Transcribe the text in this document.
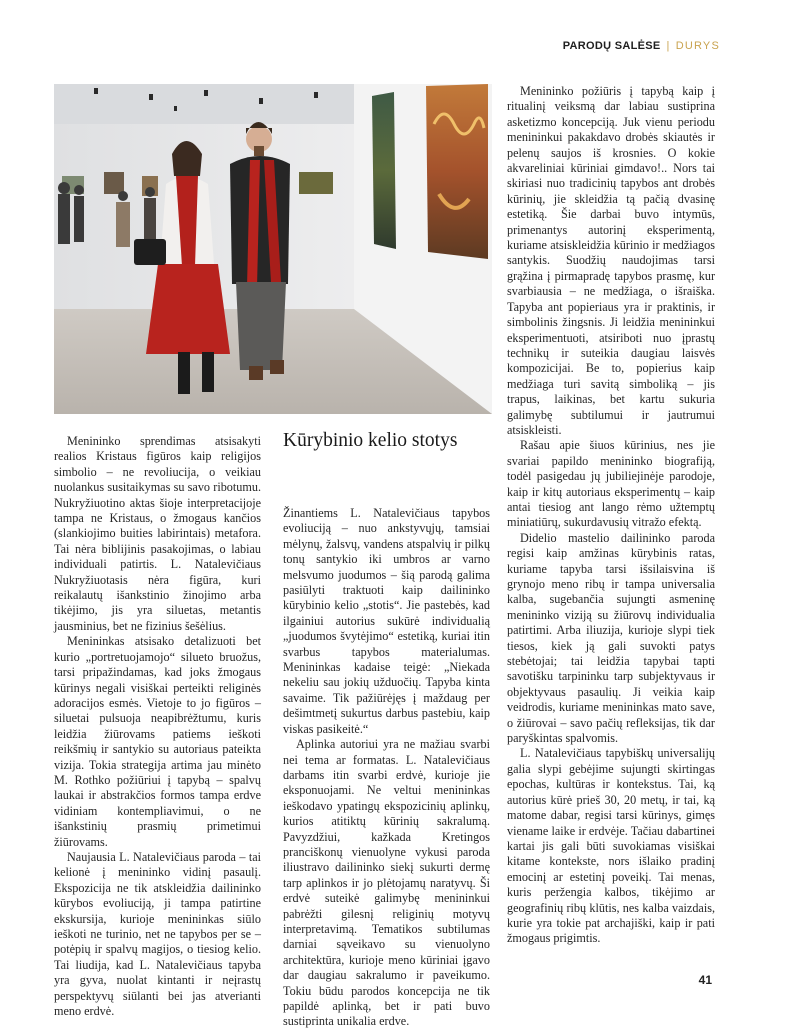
PARODŲ SALĖSE | DURYS

Menininko sprendimas atsisakyti realios Kristaus figūros kaip religijos simbolio – ne revoliucija, o veikiau nuolankus susitaikymas su savo ribotumu. Nukryžiuotino aktas šioje interpretacijoje tampa ne Kristaus, o žmogaus kančios (slankiojimo buities labirintais) metafora. Tai nėra biblijinis pasakojimas, o labiau individuali patirtis. L. Natalevičiaus Nukryžiuotasis nėra figūra, kuri reikalautų išankstinio žinojimo arba tikėjimo, jis yra siluetas, metantis jausminius, bet ne fizinius šešėlius.

Menininkas atsisako detalizuoti bet kurio „portretuojamojo“ silueto bruožus, tarsi pripažindamas, kad joks žmogaus kūrinys negali visiškai perteikti religinės adoracijos esmės. Vietoje to jo figūros – siluetai pulsuoja neapibrėžtumu, kuris leidžia žiūrovams patiems ieškoti reikšmių ir santykio su autoriaus pateikta vizija. Tokia strategija artima jau minėto M. Rothko požiūriui į tapybą – spalvų laukai ir abstrakčios formos tampa erdve vidiniam kontempliavimui, o ne išankstinių prasmių primetimui žiūrovams.

Naujausia L. Natalevičiaus paroda – tai kelionė į menininko vidinį pasaulį. Ekspozicija ne tik atskleidžia dailininko kūrybos evoliuciją, ji tampa patirtine ekskursija, kurioje menininkas siūlo ieškoti ne turinio, net ne tapybos per se – potėpių ir spalvų magijos, o tiesiog kelio. Tai liudija, kad L. Natalevičiaus tapyba yra gyva, nuolat kintanti ir neįrastų perspektyvų siūlanti bei jas atverianti meno erdvė.

Kūrybinio kelio stotys

Žinantiems L. Natalevičiaus tapybos evoliuciją – nuo ankstyvųjų, tamsiai mėlynų, žalsvų, vandens atspalvių ir pilkų tonų santykio iki umbros ar varno melsvumo juodumos – šią parodą galima pasiūlyti traktuoti kaip dailininko kūrybinio kelio „stotis“. Jie pastebės, kad ilgainiui autorius sukūrė individualią „juodumos švytėjimo“ estetiką, kuriai itin svarbus tapybos materialumas. Menininkas kadaise teigė: „Niekada nekeliu sau jokių užduočių. Tapyba kinta savaime. Tik pažiūrėjęs į maždaug per dešimtmetį sukurtus darbus pastebiu, kaip viskas pasikeitė.“

Aplinka autoriui yra ne mažiau svarbi nei tema ar formatas. L. Natalevičiaus darbams itin svarbi erdvė, kurioje jie eksponuojami. Ne veltui menininkas ieškodavo ypatingų ekspozicinių aplinkų, kurios atitiktų kūrinių sakralumą. Pavyzdžiui, kažkada Kretingos pranciškonų vienuolyne vykusi paroda iliustravo dailininko siekį sukurti dermę tarp aplinkos ir jo plėtojamų naratyvų. Ši erdvė suteikė galimybę menininkui pabrėžti gilesnį religinių motyvų interpretavimą. Tematikos subtilumas darniai sąveikavo su vienuolyno architektūra, kurioje meno kūriniai įgavo dar daugiau sakralumo ir paveikumo. Tokiu būdu parodos koncepcija ne tik papildė aplinką, bet ir pati buvo sustiprinta unikalia erdve.

Menininko požiūris į tapybą kaip į ritualinį veiksmą dar labiau sustiprina asketizmo koncepciją. Juk vienu periodu menininkui pakakdavo drobės skiautės ir pelenų saujos iš krosnies. O kokie akvareliniai kūriniai gimdavo!.. Nors tai skiriasi nuo tradicinių tapybos ant drobės kūrinių, jie skleidžia tą pačią dvasinę estetiką. Šie darbai buvo intymūs, primenantys autorinį eksperimentą, kuriame atsiskleidžia kūrinio ir medžiagos santykis. Suodžių naudojimas tarsi grąžina į pirmapradę tapybos prasmę, kur svarbiausia – ne medžiaga, o išraiška. Tapyba ant popieriaus yra ir praktinis, ir simbolinis žingsnis. Ji leidžia menininkui eksperimentuoti, atsiriboti nuo įprastų technikų ir suteikia daugiau laisvės kompozicijai. Be to, popierius kaip medžiaga turi savitą simboliką – jis trapus, laikinas, bet kartu sukuria galimybę subtilumui ir jautrumui atsiskleisti.

Rašau apie šiuos kūrinius, nes jie svariai papildo menininko biografiją, todėl pasigedau jų jubiliejinėje parodoje, kaip ir kitų autoriaus eksperimentų – kaip antai tiesiog ant lango rėmo užtemptų miniatiūrų, sukurdavusių vitražo efektą.

Didelio mastelio dailininko paroda regisi kaip amžinas kūrybinis ratas, kuriame tapyba tarsi išsilaisvina iš grynojo meno ribų ir tampa universalia kalba, sugebančia sujungti asmeninę menininko viziją su žiūrovų individualia patirtimi. Arba iliuzija, kurioje slypi tiek tiesos, kiek ją gali suvokti patys stebėtojai; tai leidžia tapybai tapti savotišku tarpininku tarp subjektyvaus ir objektyvaus pasaulių. Ji veikia kaip veidrodis, kuriame menininkas mato save, o žiūrovai – savo pačių refleksijas, tik dar paryškintas spalvomis.

L. Natalevičiaus tapybiškų universalijų galia slypi gebėjime sujungti skirtingas epochas, kultūras ir kontekstus. Tai, ką autorius kūrė prieš 30, 20 metų, ir tai, ką matome dabar, regisi tarsi kūrinys, gimęs viename laike ir erdvėje. Tačiau dabartinei kartai jis gali būti suvokiamas visiškai kitame kontekste, nors išlaiko pradinį emocinį ar estetinį poveikį. Tai menas, kuris peržengia kalbos, tikėjimo ar geografinių ribų klūtis, nes kalba vaizdais, kurie yra tokie pat archajiški, kaip ir pati žmogaus prigimtis.

41
